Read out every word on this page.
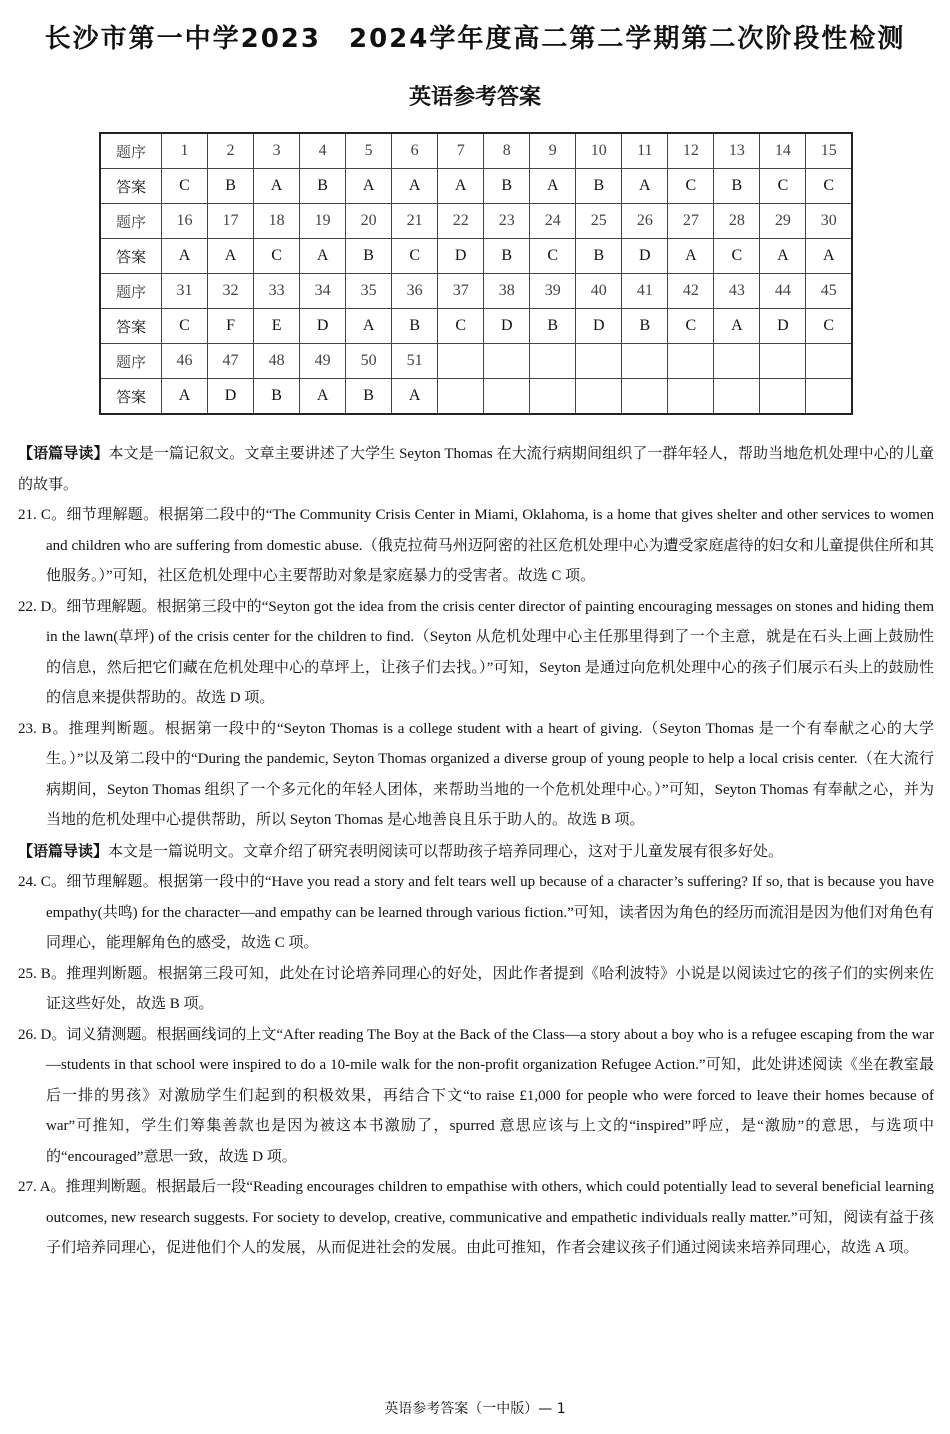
长沙市第一中学2023　2024学年度高二第二学期第二次阶段性检测
英语参考答案
题序	1	2	3	4	5	6	7	8	9	10	11	12	13	14	15
答案	C	B	A	B	A	A	A	B	A	B	A	C	B	C	C
题序	16	17	18	19	20	21	22	23	24	25	26	27	28	29	30
答案	A	A	C	A	B	C	D	B	C	B	D	A	C	A	A
题序	31	32	33	34	35	36	37	38	39	40	41	42	43	44	45
答案	C	F	E	D	A	B	C	D	B	D	B	C	A	D	C
题序	46	47	48	49	50	51									
答案	A	D	B	A	B	A									

【语篇导读】本文是一篇记叙文。文章主要讲述了大学生 Seyton Thomas 在大流行病期间组织了一群年轻人，帮助当地危机处理中心的儿童的故事。

21. C。细节理解题。根据第二段中的“The Community Crisis Center in Miami, Oklahoma, is a home that gives shelter and other services to women and children who are suffering from domestic abuse.（俄克拉荷马州迈阿密的社区危机处理中心为遭受家庭虐待的妇女和儿童提供住所和其他服务。）”可知，社区危机处理中心主要帮助对象是家庭暴力的受害者。故选 C 项。

22. D。细节理解题。根据第三段中的“Seyton got the idea from the crisis center director of painting encouraging messages on stones and hiding them in the lawn(草坪) of the crisis center for the children to find.（Seyton 从危机处理中心主任那里得到了一个主意，就是在石头上画上鼓励性的信息，然后把它们藏在危机处理中心的草坪上，让孩子们去找。）”可知，Seyton 是通过向危机处理中心的孩子们展示石头上的鼓励性的信息来提供帮助的。故选 D 项。

23. B。推理判断题。根据第一段中的“Seyton Thomas is a college student with a heart of giving.（Seyton Thomas 是一个有奉献之心的大学生。）”以及第二段中的“During the pandemic, Seyton Thomas organized a diverse group of young people to help a local crisis center.（在大流行病期间，Seyton Thomas 组织了一个多元化的年轻人团体，来帮助当地的一个危机处理中心。）”可知，Seyton Thomas 有奉献之心，并为当地的危机处理中心提供帮助，所以 Seyton Thomas 是心地善良且乐于助人的。故选 B 项。

【语篇导读】本文是一篇说明文。文章介绍了研究表明阅读可以帮助孩子培养同理心，这对于儿童发展有很多好处。

24. C。细节理解题。根据第一段中的“Have you read a story and felt tears well up because of a character’s suffering? If so, that is because you have empathy(共鸣) for the character—and empathy can be learned through various fiction.”可知，读者因为角色的经历而流泪是因为他们对角色有同理心，能理解角色的感受，故选 C 项。

25. B。推理判断题。根据第三段可知，此处在讨论培养同理心的好处，因此作者提到《哈利波特》小说是以阅读过它的孩子们的实例来佐证这些好处，故选 B 项。

26. D。词义猜测题。根据画线词的上文“After reading The Boy at the Back of the Class—a story about a boy who is a refugee escaping from the war—students in that school were inspired to do a 10-mile walk for the non-profit organization Refugee Action.”可知，此处讲述阅读《坐在教室最后一排的男孩》对激励学生们起到的积极效果，再结合下文“to raise £1,000 for people who were forced to leave their homes because of war”可推知，学生们筹集善款也是因为被这本书激励了，spurred 意思应该与上文的“inspired”呼应，是“激励”的意思，与选项中的“encouraged”意思一致，故选 D 项。

27. A。推理判断题。根据最后一段“Reading encourages children to empathise with others, which could potentially lead to several beneficial learning outcomes, new research suggests. For society to develop, creative, communicative and empathetic individuals really matter.”可知，阅读有益于孩子们培养同理心，促进他们个人的发展，从而促进社会的发展。由此可推知，作者会建议孩子们通过阅读来培养同理心，故选 A 项。

英语参考答案（一中版）— 1
